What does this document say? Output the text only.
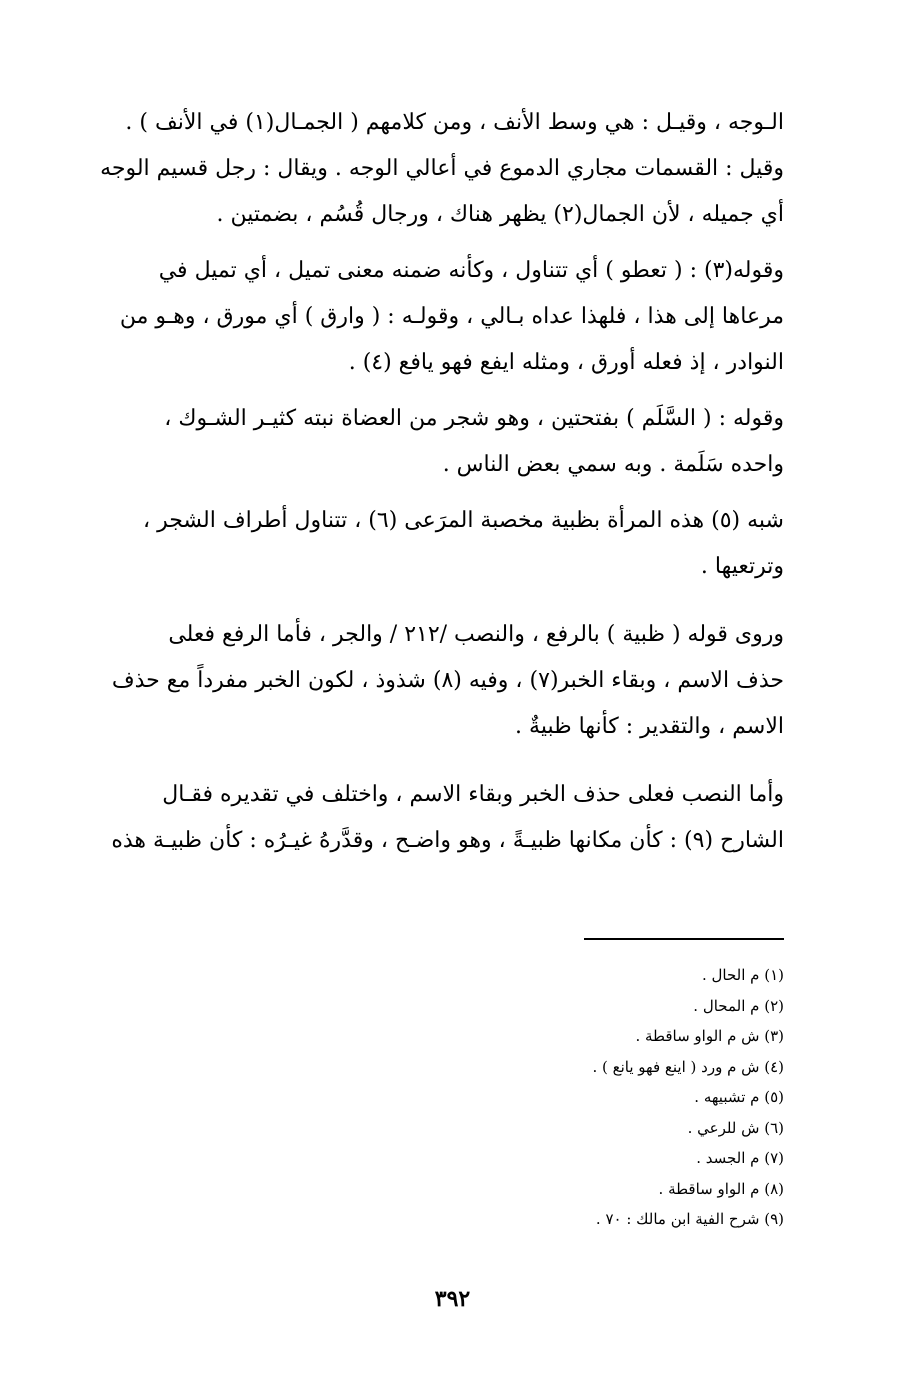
الـوجه ، وقيـل : هي وسط الأنف ، ومن كلامهم ( الجمـال(١) في الأنف ) .
وقيل : القسمات مجاري الدموع في أعالي الوجه . ويقال : رجل قسيم الوجه
أي جميله ، لأن الجمال(٢) يظهر هناك ، ورجال قُسُم ، بضمتين .

وقوله(٣) : ( تعطو ) أي تتناول ، وكأنه ضمنه معنى تميل ، أي تميل في
مرعاها إلى هذا ، فلهذا عداه بـالي ، وقولـه : ( وارق ) أي مورق ، وهـو من
النوادر ، إذ فعله أورق ، ومثله ايفع فهو يافع (٤) .

وقوله : ( السَّلَم ) بفتحتين ، وهو شجر من العضاة نبته كثيـر الشـوك ،
واحده سَلَمة . وبه سمي بعض الناس .

شبه (٥) هذه المرأة بظبية مخصبة المرَعى (٦) ، تتناول أطراف الشجر ،
وترتعيها .

وروى قوله ( ظبية ) بالرفع ، والنصب /٢١٢ / والجر ، فأما الرفع فعلى
حذف الاسم ، وبقاء الخبر(٧) ، وفيه (٨) شذوذ ، لكون الخبر مفرداً مع حذف
الاسم ، والتقدير : كأنها ظبيةٌ .

وأما النصب فعلى حذف الخبر وبقاء الاسم ، واختلف في تقديره فقـال
الشارح (٩) : كأن مكانها ظبيـةً ، وهو واضـح ، وقدَّرهُ غيـرُه : كأن ظبيـة هذه

(١) م الحال .
(٢) م المحال .
(٣) ش م الواو ساقطة .
(٤) ش م ورد ( اينع فهو يانع ) .
(٥) م تشبيهه .
(٦) ش للرعي .
(٧) م الجسد .
(٨) م الواو ساقطة .
(٩) شرح الفية ابن مالك : ٧٠ .
٣٩٢
